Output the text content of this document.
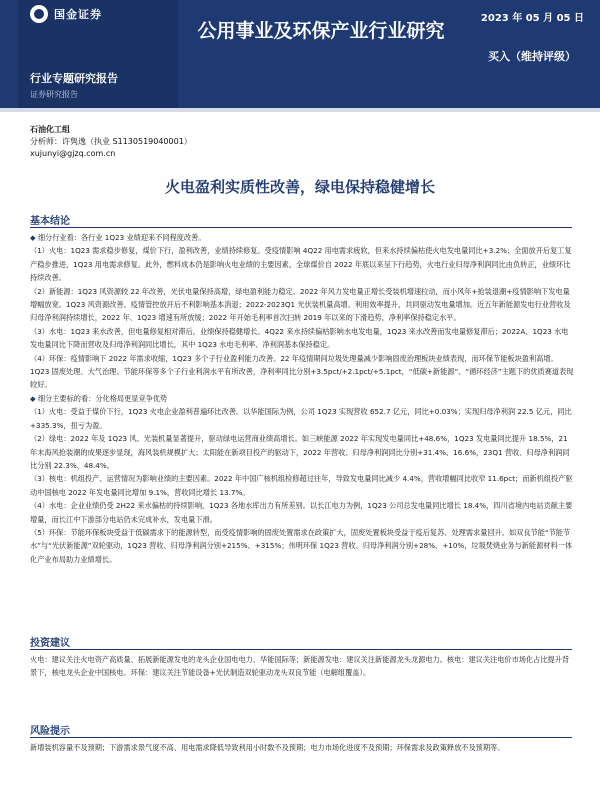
国金证券
行业专题研究报告
证券研究报告
公用事业及环保产业行业研究
2023 年 05 月 05 日
买入（维持评级）
石油化工组
分析师：许隽逸（执业 S1130519040001）
xujunyi@gjzq.com.cn
火电盈利实质性改善，绿电保持稳健增长
基本结论

◆ 细分行业看：各行业 1Q23 业绩迎来不同程度改善。

（1）火电：1Q23 需求稳步修复，煤价下行，盈利改善，业绩持续修复。受疫情影响 4Q22 用电需求疲软，但来水持续偏枯使火电发电量同比+3.2%；全面放开后复工复产稳步推进，1Q23 用电需求修复。此外，燃料成本仍是影响火电业绩的主要因素，全球煤价自 2022 年底以来呈下行趋势，火电行业归母净利润同比由负转正，业绩环比持续改善。

（2）新能源：1Q23 风资源较 22 年改善，光伏电量保持高增，绿电盈利能力稳定。2022 年风力发电量正增长受装机增速拉动，而小风年+抢装退潮+疫情影响下发电量增幅放宽。1Q23 风资源改善、疫情管控放开后不利影响基本消退；2022-2023Q1 光伏装机量高增、利用效率提升，共同驱动发电量增加。近五年新能源发电行业营收及归母净利润持续增长，2022 年、1Q23 增速有所放缓；2022 年开始毛利率首次扫转 2019 年以来的下滑趋势，净利率保持稳定水平。

（3）水电：1Q23 来水改善，但电量修复相对滞后，业绩保持稳健增长。4Q22 来水持续偏枯影响水电发电量，1Q23 来水改善而发电量修复滞后；2022A、1Q23 水电发电量同比下降而营收及归母净利润同比增长，其中 1Q23 水电毛利率、净利润基本保持稳定。

（4）环保：疫情影响下 2022 年需求收缩，1Q23 多个子行业盈利能力改善。22 年疫情期间垃圾处理量减少影响固废治理板块业绩表现，而环保节能板块盈利高增。1Q23 固废处理、大气治理、节能环保等多个子行业利润水平有所改善，净利率同比分别+3.5pct/+2.1pct/+5.1pct，“低碳+新能源”、“循环经济”主题下的优质赛道表现较好。

◆ 细分主要标的看：分化格局更显竞争优势

（1）火电：受益于煤价下行，1Q23 火电企业盈利普遍环比改善。以华能国际为例，公司 1Q23 实现营收 652.7 亿元，同比+0.03%；实现归母净利润 22.5 亿元，同比+335.3%，扭亏为盈。

（2）绿电：2022 年及 1Q23 风、光装机量显著提升，驱动绿电运营商业绩高增长。如三峡能源 2022 年实现发电量同比+48.6%，1Q23 发电量同比提升 18.5%，21 年末海风抢装潮的成果逐步显现，海风装机规模扩大；太阳能在新项目投产的驱动下，2022 年营收、归母净利润同比分别+31.4%、16.6%，23Q1 营收、归母净利润同比分别 22.3%、48.4%。

（3）核电：机组投产、运营情况为影响业绩的主要因素。2022 年中国广核机组检修超过往年，导致发电量同比减少 4.4%，营收增幅同比收窄 11.6pct；而新机组投产驱动中国核电 2022 年发电量同比增加 9.1%，营收同比增长 13.7%。

（4）水电：企业业绩仍受 2H22 来水偏枯的持续影响，1Q23 各地水库出力有所差别。以长江电力为例，1Q23 公司总发电量同比增长 18.4%，四川省境内电站贡献主要增量，而长江中下游部分电站仍未完成补水，发电量下滑。

（5）环保：节能环保板块受益于低碳需求下的能源转型，而受疫情影响的固废处置需求在政策扩大，固废处置板块受益于疫后复苏、处理需求量回升。如双良节能“节能节水”与“光伏新能源”双轮驱动，1Q23 营收、归母净利润分别+215%、+315%；伟明环保 1Q23 营收、归母净利润分别+28%、+10%，垃圾焚烧业务与新能源材料一体化产业布局助力业绩增长。

投资建议

火电：建议关注火电资产高质量、拓展新能源发电的龙头企业国电电力、华能国际等；新能源发电：建议关注新能源龙头龙源电力。核电：建议关注电价市场化占比提升背景下，核电龙头企业中国核电。环保：建议关注节能设备+光伏制造双轮驱动龙头双良节能（电解组覆盖）。

风险提示

新增装机容量不及预期；下游需求景气度不高、用电需求降低导致利用小时数不及预期；电力市场化进度不及预期；环保需求及政策释放不及预期等。
